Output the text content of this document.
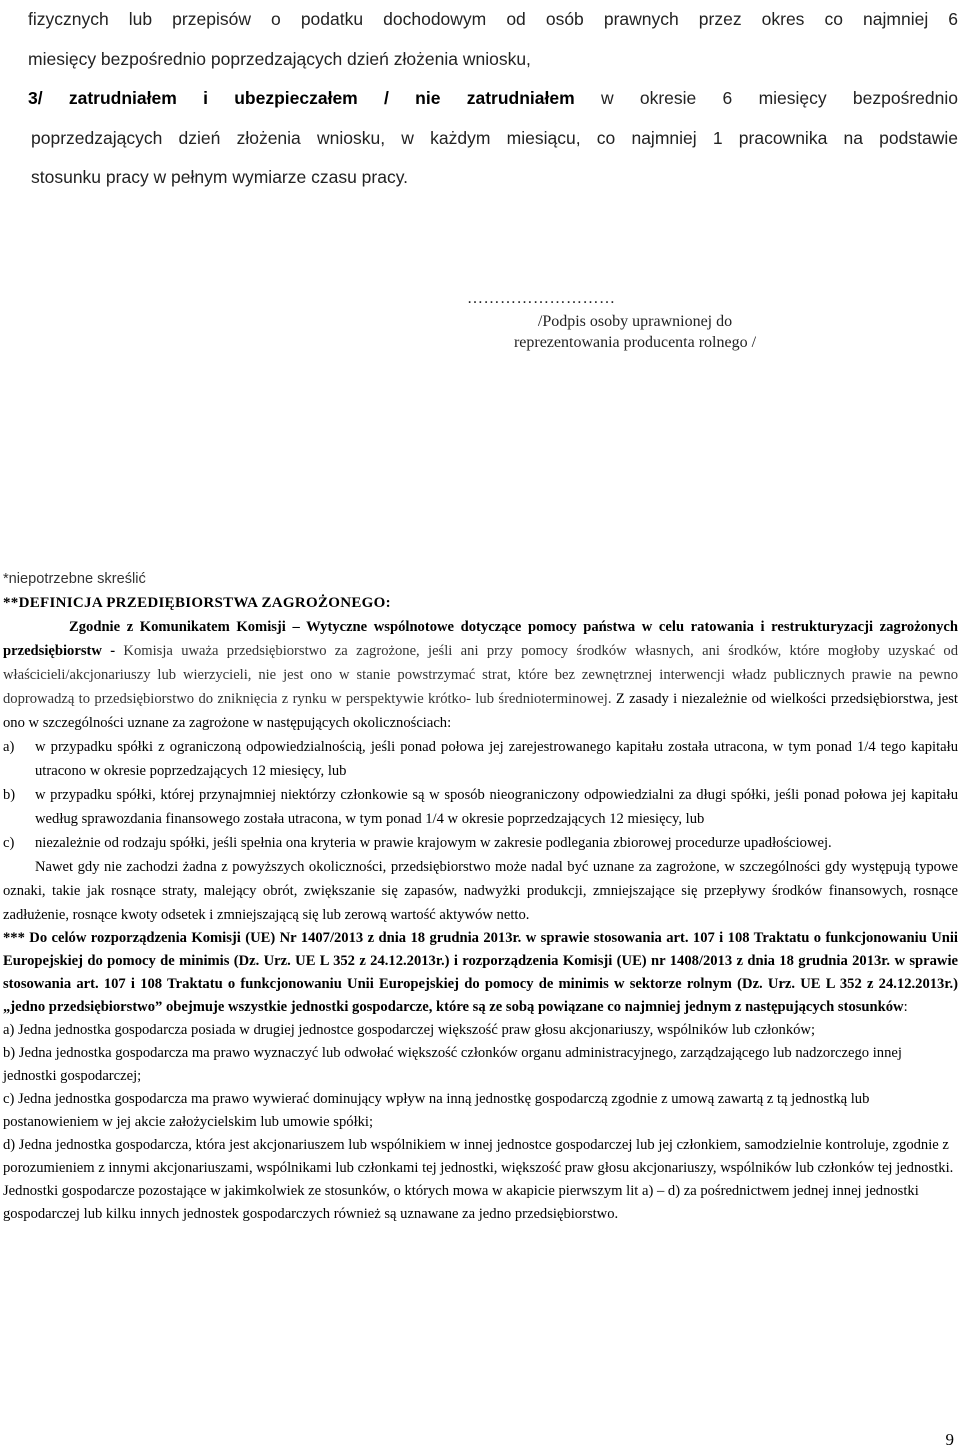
fizycznych lub przepisów o podatku dochodowym od osób prawnych przez okres co najmniej 6
miesięcy bezpośrednio poprzedzających dzień złożenia wniosku,
3/ zatrudniałem i ubezpieczałem / nie zatrudniałem w okresie 6 miesięcy bezpośrednio
poprzedzających dzień złożenia wniosku, w każdym miesiącu, co najmniej 1 pracownika na podstawie
stosunku pracy w pełnym wymiarze czasu pracy.
………………………
/Podpis osoby uprawnionej do
reprezentowania producenta rolnego /

*niepotrzebne skreślić

**DEFINICJA PRZEDIĘBIORSTWA ZAGROŻONEGO:

Zgodnie z Komunikatem Komisji – Wytyczne wspólnotowe dotyczące pomocy państwa w celu ratowania i restrukturyzacji zagrożonych przedsiębiorstw - Komisja uważa przedsiębiorstwo za zagrożone, jeśli ani przy pomocy środków własnych, ani środków, które mogłoby uzyskać od właścicieli/akcjonariuszy lub wierzycieli, nie jest ono w stanie powstrzymać strat, które bez zewnętrznej interwencji władz publicznych prawie na pewno doprowadzą to przedsiębiorstwo do zniknięcia z rynku w perspektywie krótko- lub średnioterminowej. Z zasady i niezależnie od wielkości przedsiębiorstwa, jest ono w szczególności uznane za zagrożone w następujących okolicznościach:

a)	w przypadku spółki z ograniczoną odpowiedzialnością, jeśli ponad połowa jej zarejestrowanego kapitału została utracona, w tym ponad 1/4 tego kapitału utracono w okresie poprzedzających 12 miesięcy, lub
b)	w przypadku spółki, której przynajmniej niektórzy członkowie są w sposób nieograniczony odpowiedzialni za długi spółki, jeśli ponad połowa jej kapitału według sprawozdania finansowego została utracona, w tym ponad 1/4 w okresie poprzedzających 12 miesięcy, lub
c)	niezależnie od rodzaju spółki, jeśli spełnia ona kryteria w prawie krajowym w zakresie podlegania zbiorowej procedurze upadłościowej.

Nawet gdy nie zachodzi żadna z powyższych okoliczności, przedsiębiorstwo może nadal być uznane za zagrożone, w szczególności gdy występują typowe oznaki, takie jak rosnące straty, malejący obrót, zwiększanie się zapasów, nadwyżki produkcji, zmniejszające się przepływy środków finansowych, rosnące zadłużenie, rosnące kwoty odsetek i zmniejszającą się lub zerową wartość aktywów netto.

*** Do celów rozporządzenia Komisji (UE) Nr 1407/2013 z dnia 18 grudnia 2013r. w sprawie stosowania art. 107 i 108 Traktatu o funkcjonowaniu Unii Europejskiej do pomocy de minimis (Dz. Urz. UE L 352 z 24.12.2013r.) i rozporządzenia Komisji (UE) nr 1408/2013 z dnia 18 grudnia 2013r. w sprawie stosowania art. 107 i 108 Traktatu o funkcjonowaniu Unii Europejskiej do pomocy de minimis w sektorze rolnym (Dz. Urz. UE L 352 z 24.12.2013r.) „jedno przedsiębiorstwo” obejmuje wszystkie jednostki gospodarcze, które są ze sobą powiązane co najmniej jednym z następujących stosunków:

a) Jedna jednostka gospodarcza posiada w drugiej jednostce gospodarczej większość praw głosu akcjonariuszy, wspólników lub członków;

b) Jedna jednostka gospodarcza ma prawo wyznaczyć lub odwołać większość członków organu administracyjnego, zarządzającego lub nadzorczego innej jednostki gospodarczej;

c) Jedna jednostka gospodarcza ma prawo wywierać dominujący wpływ na inną jednostkę gospodarczą zgodnie z umową zawartą z tą jednostką lub postanowieniem w jej akcie założycielskim lub umowie spółki;

d) Jedna jednostka gospodarcza, która jest akcjonariuszem lub wspólnikiem w innej jednostce gospodarczej lub jej członkiem, samodzielnie kontroluje, zgodnie z porozumieniem z innymi akcjonariuszami, wspólnikami lub członkami tej jednostki, większość praw głosu akcjonariuszy, wspólników lub członków tej jednostki.

Jednostki gospodarcze pozostające w jakimkolwiek ze stosunków, o których mowa w akapicie pierwszym lit a) – d) za pośrednictwem jednej innej jednostki gospodarczej lub kilku innych jednostek gospodarczych również są uznawane za jedno przedsiębiorstwo.

9
